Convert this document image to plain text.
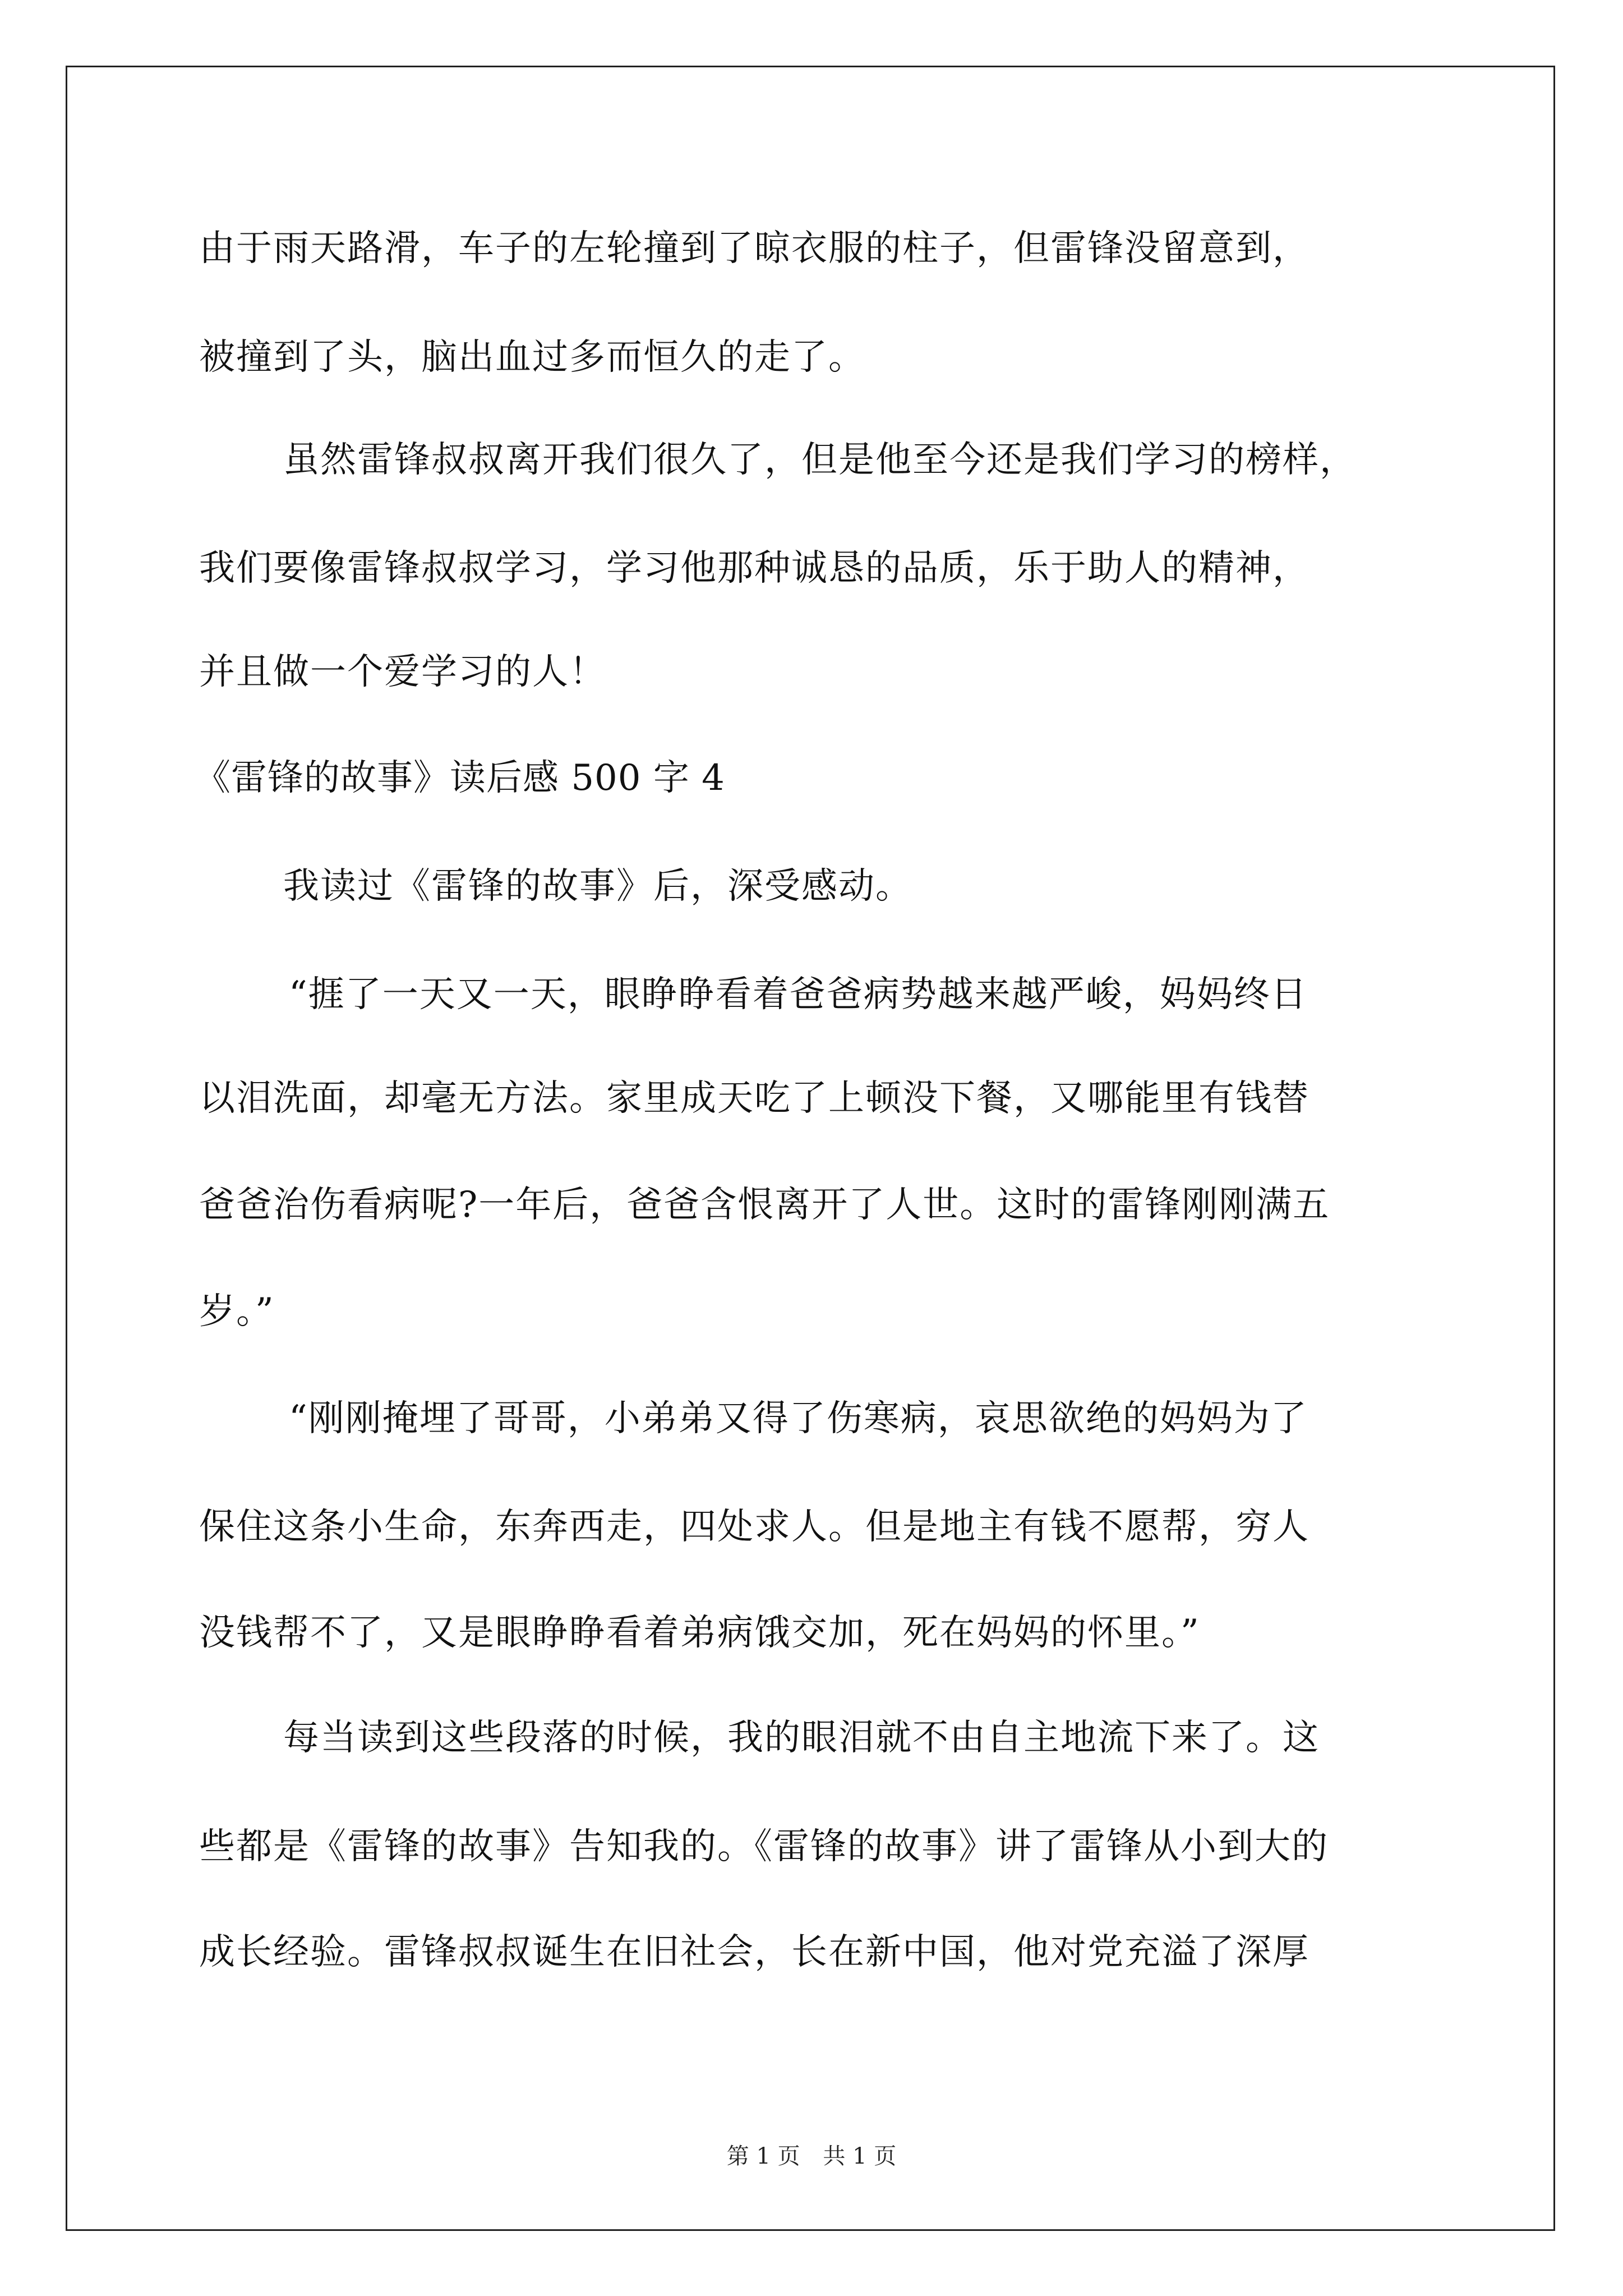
由于雨天路滑，车子的左轮撞到了晾衣服的柱子，但雷锋没留意到，
被撞到了头，脑出血过多而恒久的走了。
虽然雷锋叔叔离开我们很久了，但是他至今还是我们学习的榜样，
我们要像雷锋叔叔学习，学习他那种诚恳的品质，乐于助人的精神，
并且做一个爱学习的人！
《雷锋的故事》读后感 500 字 4
我读过《雷锋的故事》后，深受感动。
“捱了一天又一天，眼睁睁看着爸爸病势越来越严峻，妈妈终日
以泪洗面，却毫无方法。家里成天吃了上顿没下餐，又哪能里有钱替
爸爸治伤看病呢?一年后，爸爸含恨离开了人世。这时的雷锋刚刚满五
岁。”
“刚刚掩埋了哥哥，小弟弟又得了伤寒病，哀思欲绝的妈妈为了
保住这条小生命，东奔西走，四处求人。但是地主有钱不愿帮，穷人
没钱帮不了，又是眼睁睁看着弟病饿交加，死在妈妈的怀里。”
每当读到这些段落的时候，我的眼泪就不由自主地流下来了。这
些都是《雷锋的故事》告知我的。《雷锋的故事》讲了雷锋从小到大的
成长经验。雷锋叔叔诞生在旧社会，长在新中国，他对党充溢了深厚
第 1 页 共 1 页
